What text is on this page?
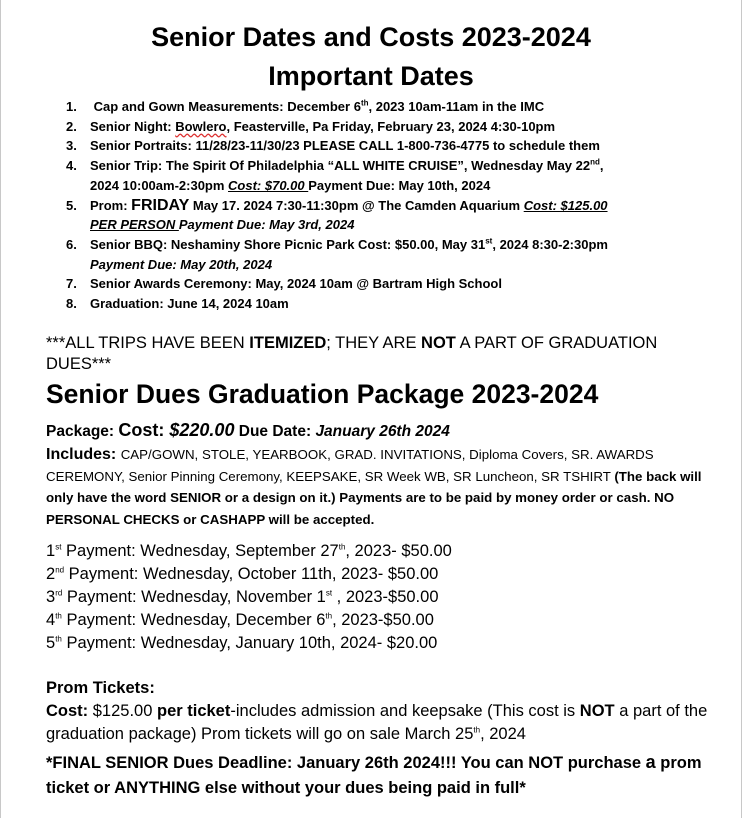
Senior Dates and Costs 2023-2024
Important Dates
1. Cap and Gown Measurements: December 6th, 2023 10am-11am in the IMC
2. Senior Night: Bowlero, Feasterville, Pa Friday, February 23, 2024 4:30-10pm
3. Senior Portraits: 11/28/23-11/30/23 PLEASE CALL 1-800-736-4775 to schedule them
4. Senior Trip: The Spirit Of Philadelphia “ALL WHITE CRUISE”, Wednesday May 22nd,
2024 10:00am-2:30pm Cost: $70.00 Payment Due: May 10th, 2024
5. Prom: FRIDAY May 17. 2024 7:30-11:30pm @ The Camden Aquarium Cost: $125.00
PER PERSON Payment Due: May 3rd, 2024
6. Senior BBQ: Neshaminy Shore Picnic Park Cost: $50.00, May 31st, 2024 8:30-2:30pm
Payment Due: May 20th, 2024
7. Senior Awards Ceremony: May, 2024 10am @ Bartram High School
8. Graduation: June 14, 2024 10am
***ALL TRIPS HAVE BEEN ITEMIZED; THEY ARE NOT A PART OF GRADUATION DUES***
Senior Dues Graduation Package 2023-2024
Package: Cost: $220.00 Due Date: January 26th 2024
Includes: CAP/GOWN, STOLE, YEARBOOK, GRAD. INVITATIONS, Diploma Covers, SR. AWARDS CEREMONY, Senior Pinning Ceremony, KEEPSAKE, SR Week WB, SR Luncheon, SR TSHIRT (The back will only have the word SENIOR or a design on it.) Payments are to be paid by money order or cash. NO PERSONAL CHECKS or CASHAPP will be accepted.
1st Payment: Wednesday, September 27th, 2023- $50.00
2nd Payment: Wednesday, October 11th, 2023- $50.00
3rd Payment: Wednesday, November 1st , 2023-$50.00
4th Payment: Wednesday, December 6th, 2023-$50.00
5th Payment: Wednesday, January 10th, 2024- $20.00
Prom Tickets:
Cost: $125.00 per ticket-includes admission and keepsake (This cost is NOT a part of the graduation package) Prom tickets will go on sale March 25th, 2024
*FINAL SENIOR Dues Deadline: January 26th 2024!!! You can NOT purchase a prom ticket or ANYTHING else without your dues being paid in full*
